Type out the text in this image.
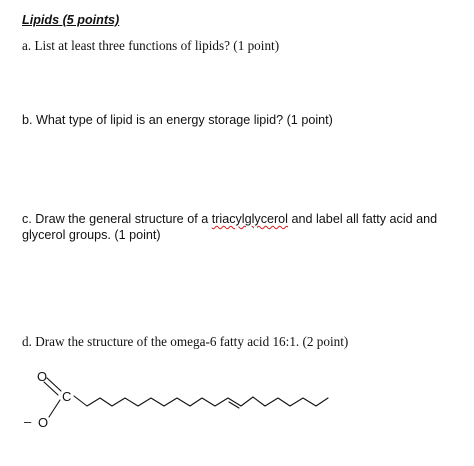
Lipids (5 points)
a. List at least three functions of lipids? (1 point)
b. What type of lipid is an energy storage lipid? (1 point)
c. Draw the general structure of a triacylglycerol and label all fatty acid and glycerol groups. (1 point)
d. Draw the structure of the omega-6 fatty acid 16:1. (2 point)
O
C
– O
